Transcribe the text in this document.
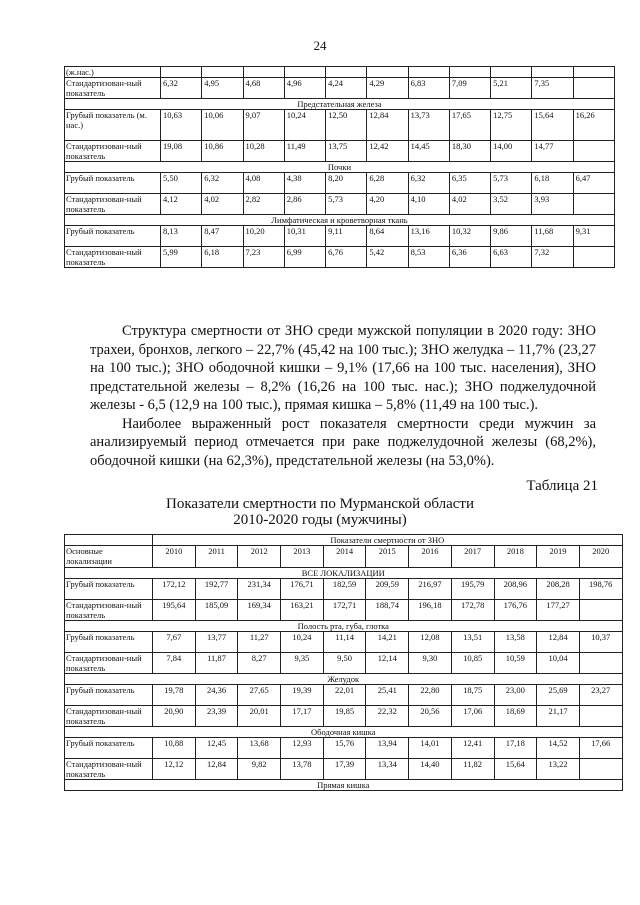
24
(ж.нас.)											
Стандартизован-ный показатель	6,32	4,95	4,68	4,96	4,24	4,29	6,83	7,09	5,21	7,35	
Предстательная железа											
Грубый показатель (м. нас.)	10,63	10,06	9,07	10,24	12,50	12,84	13,73	17,65	12,75	15,64	16,26
Стандартизован-ный показатель	19,08	10,86	10,28	11,49	13,75	12,42	14,45	18,30	14,00	14,77	
Почки											
Грубый показатель	5,50	6,32	4,08	4,38	8,20	6,28	6,32	6,35	5,73	6,18	6,47
Стандартизован-ный показатель	4,12	4,02	2,82	2,86	5,73	4,20	4,10	4,02	3,52	3,93	
Лимфатическая и кроветворная ткань											
Грубый показатель	8,13	8,47	10,20	10,31	9,11	8,64	13,16	10,32	9,86	11,68	9,31
Стандартизован-ный показатель	5,99	6,18	7,23	6,99	6,76	5,42	8,53	6,36	6,63	7,32	

Структура смертности от ЗНО среди мужской популяции в 2020 году: ЗНО трахеи, бронхов, легкого – 22,7% (45,42 на 100 тыс.); ЗНО желудка – 11,7% (23,27 на 100 тыс.); ЗНО ободочной кишки – 9,1% (17,66 на 100 тыс. населения), ЗНО предстательной железы – 8,2% (16,26 на 100 тыс. нас.); ЗНО поджелудочной железы - 6,5 (12,9 на 100 тыс.), прямая кишка – 5,8% (11,49 на 100 тыс.).

Наиболее выраженный рост показателя смертности среди мужчин за анализируемый период отмечается при раке поджелудочной железы (68,2%), ободочной кишки (на 62,3%), предстательной железы (на 53,0%).

Таблица 21
Показатели смертности по Мурманской области
2010-2020 годы (мужчины)
	Показатели смертности от ЗНО										
Основные локализации	2010	2011	2012	2013	2014	2015	2016	2017	2018	2019	2020
ВСЕ ЛОКАЛИЗАЦИИ											
Грубый показатель	172,12	192,77	231,34	176,71	182,59	209,59	216,97	195,79	208,96	208,28	198,76
Стандартизован-ный показатель	195,64	185,09	169,34	163,21	172,71	188,74	196,18	172,78	176,76	177,27	
Полость рта, губа, глотка											
Грубый показатель	7,67	13,77	11,27	10,24	11,14	14,21	12,08	13,51	13,58	12,84	10,37
Стандартизован-ный показатель	7,84	11,87	8,27	9,35	9,50	12,14	9,30	10,85	10,59	10,04	
Желудок											
Грубый показатель	19,78	24,36	27,65	19,39	22,01	25,41	22,80	18,75	23,00	25,69	23,27
Стандартизован-ный показатель	20,90	23,39	20,01	17,17	19,85	22,32	20,56	17,06	18,69	21,17	
Ободочная кишка											
Грубый показатель	10,88	12,45	13,68	12,93	15,76	13,94	14,01	12,41	17,18	14,52	17,66
Стандартизован-ный показатель	12,12	12,84	9,82	13,78	17,39	13,34	14,40	11,82	15,64	13,22	
Прямая кишка											
